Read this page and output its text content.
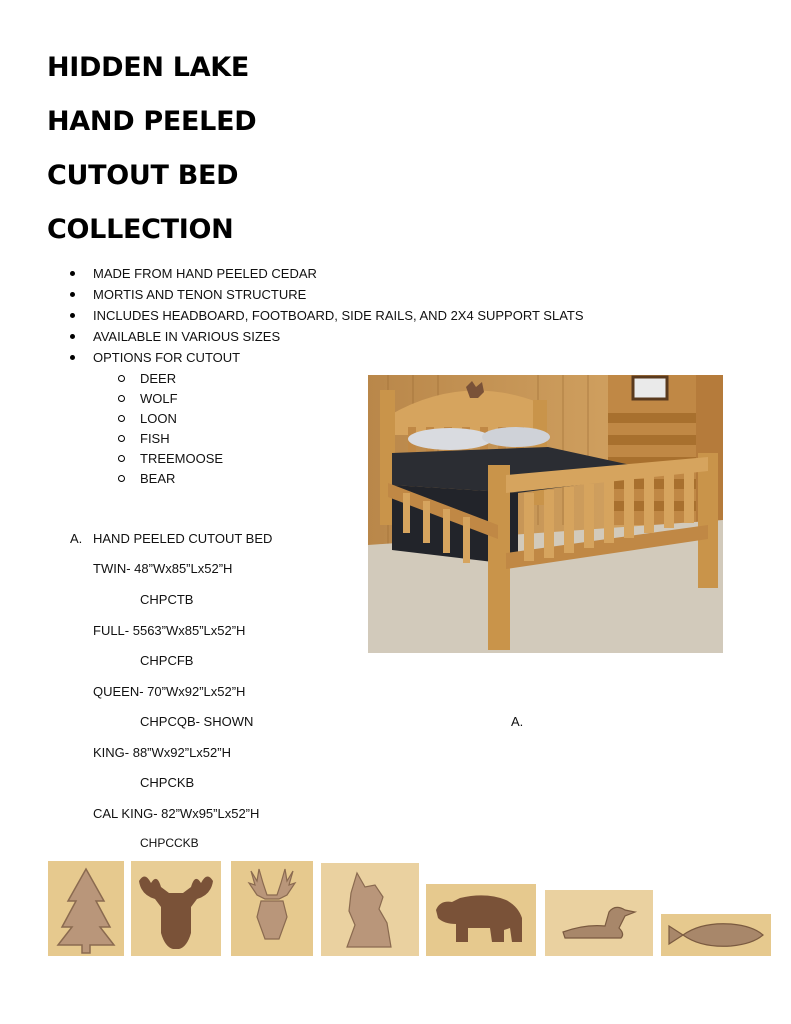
HIDDEN LAKE
HAND PEELED
CUTOUT BED
COLLECTION
MADE FROM HAND PEELED CEDAR
MORTIS AND TENON STRUCTURE
INCLUDES HEADBOARD, FOOTBOARD, SIDE RAILS, AND 2X4 SUPPORT SLATS
AVAILABLE IN VARIOUS SIZES
OPTIONS FOR CUTOUT
DEER
WOLF
LOON
FISH
TREEMOOSE
BEAR
A. HAND PEELED CUTOUT BED
TWIN- 48”Wx85”Lx52”H
CHPCTB
FULL- 5563”Wx85”Lx52”H
CHPCFB
QUEEN- 70”Wx92”Lx52”H
CHPCQB- SHOWN
KING- 88”Wx92”Lx52”H
CHPCKB
CAL KING- 82”Wx95”Lx52”H
CHPCCKB
A.
